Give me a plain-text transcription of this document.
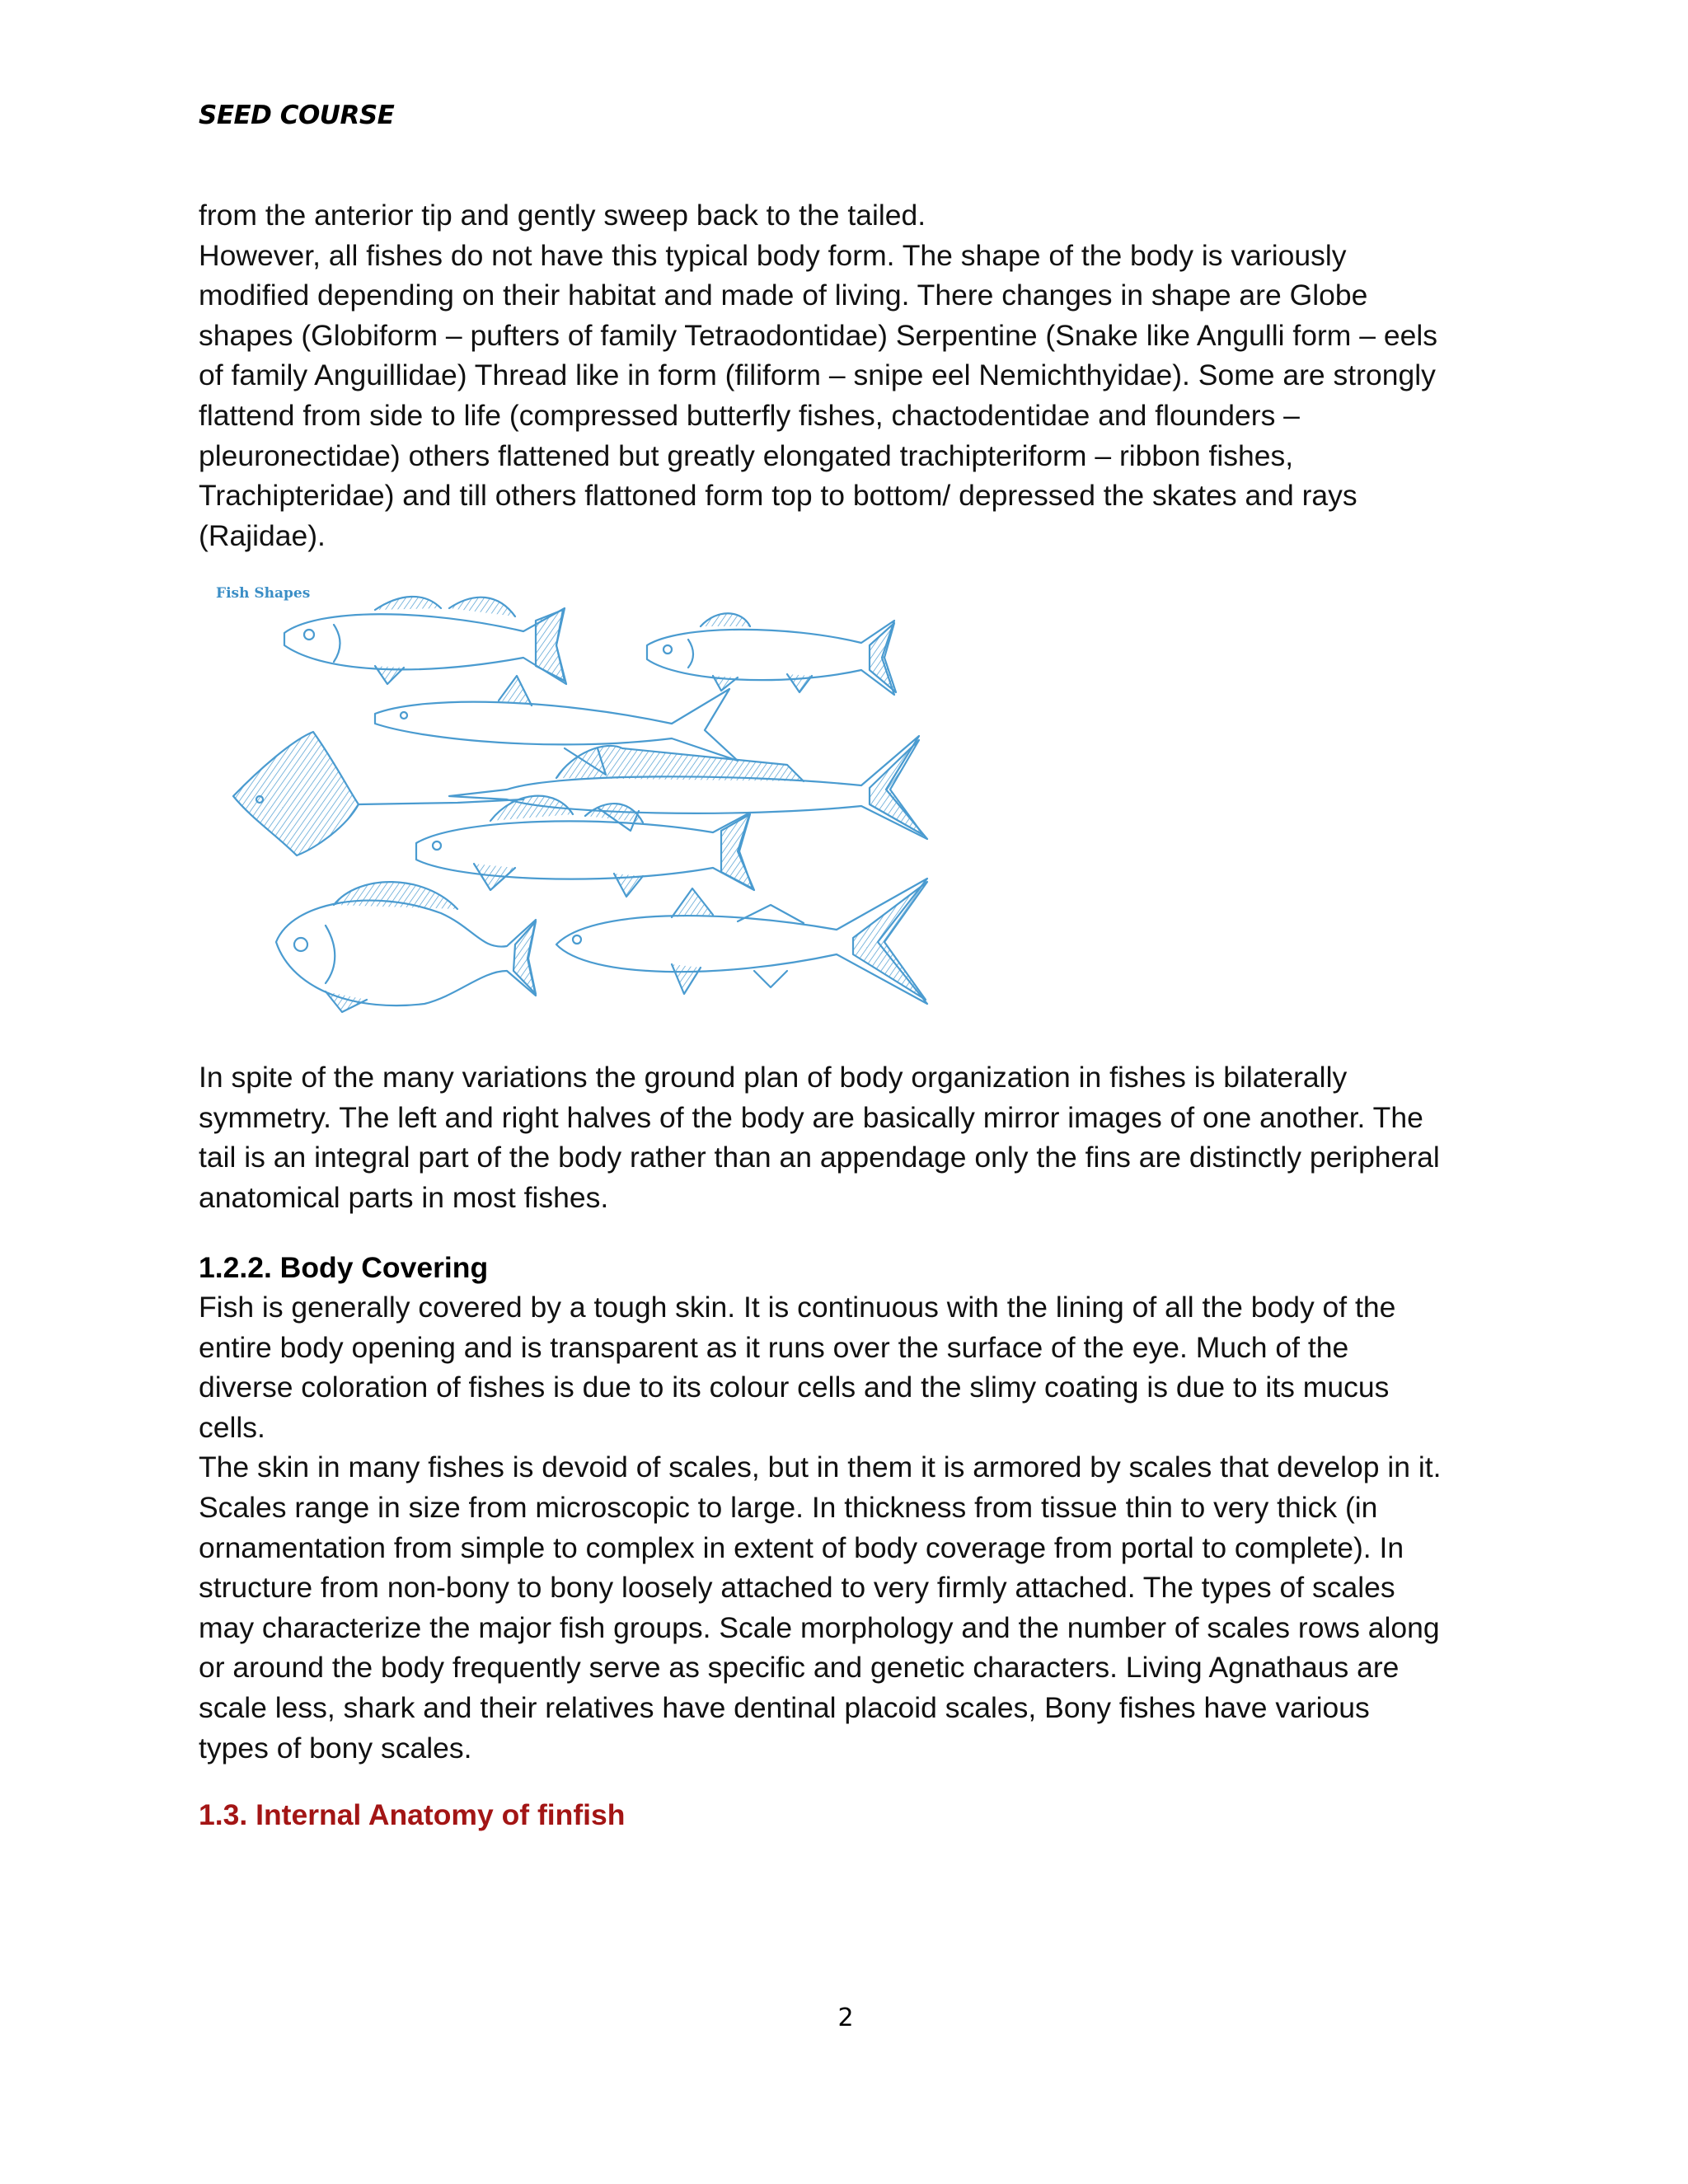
SEED COURSE
from the anterior tip and gently sweep back to the tailed.
However, all fishes do not have this typical body form. The shape of the body is variously
modified depending on their habitat and made of living. There changes in shape are Globe
shapes (Globiform – pufters of family Tetraodontidae) Serpentine (Snake like Angulli form – eels
of family Anguillidae) Thread like in form (filiform – snipe eel Nemichthyidae). Some are strongly
flattend from side to life (compressed butterfly fishes, chactodentidae and flounders –
pleuronectidae) others flattened but greatly elongated trachipteriform – ribbon fishes,
Trachipteridae) and till others flattoned form top to bottom/ depressed the skates and rays
(Rajidae).
Fish Shapes
In spite of the many variations the ground plan of body organization in fishes is bilaterally
symmetry. The left and right halves of the body are basically mirror images of one another. The
tail is an integral part of the body rather than an appendage only the fins are distinctly peripheral
anatomical parts in most fishes.
1.2.2. Body Covering
Fish is generally covered by a tough skin. It is continuous with the lining of all the body of the
entire body opening and is transparent as it runs over the surface of the eye. Much of the
diverse coloration of fishes is due to its colour cells and the slimy coating is due to its mucus
cells.
The skin in many fishes is devoid of scales, but in them it is armored by scales that develop in it.
Scales range in size from microscopic to large. In thickness from tissue thin to very thick (in
ornamentation from simple to complex in extent of body coverage from portal to complete). In
structure from non-bony to bony loosely attached to very firmly attached. The types of scales
may characterize the major fish groups. Scale morphology and the number of scales rows along
or around the body frequently serve as specific and genetic characters. Living Agnathaus are
scale less, shark and their relatives have dentinal placoid scales, Bony fishes have various
types of bony scales.
1.3. Internal Anatomy of finfish
2
